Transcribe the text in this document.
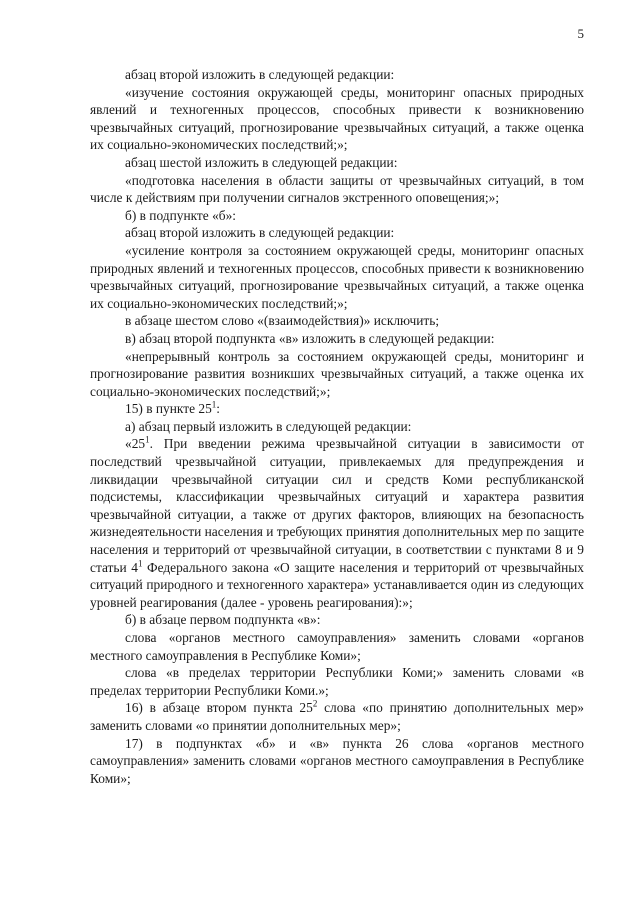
5

абзац второй изложить в следующей редакции:

«изучение состояния окружающей среды, мониторинг опасных природных явлений и техногенных процессов, способных привести к возникновению чрезвычайных ситуаций, прогнозирование чрезвычайных ситуаций, а также оценка их социально-экономических последствий;»;

абзац шестой изложить в следующей редакции:

«подготовка населения в области защиты от чрезвычайных ситуаций, в том числе к действиям при получении сигналов экстренного оповещения;»;

б) в подпункте «б»:

абзац второй изложить в следующей редакции:

«усиление контроля за состоянием окружающей среды, мониторинг опасных природных явлений и техногенных процессов, способных привести к возникновению чрезвычайных ситуаций, прогнозирование чрезвычайных ситуаций, а также оценка их социально-экономических последствий;»;

в абзаце шестом слово «(взаимодействия)» исключить;

в) абзац второй подпункта «в» изложить в следующей редакции:

«непрерывный контроль за состоянием окружающей среды, мониторинг и прогнозирование развития возникших чрезвычайных ситуаций, а также оценка их социально-экономических последствий;»;

15) в пункте $25^1$:

а) абзац первый изложить в следующей редакции:

«$25^1$. При введении режима чрезвычайной ситуации в зависимости от последствий чрезвычайной ситуации, привлекаемых для предупреждения и ликвидации чрезвычайной ситуации сил и средств Коми республиканской подсистемы, классификации чрезвычайных ситуаций и характера развития чрезвычайной ситуации, а также от других факторов, влияющих на безопасность жизнедеятельности населения и требующих принятия дополнительных мер по защите населения и территорий от чрезвычайной ситуации, в соответствии с пунктами 8 и 9 статьи $4^1$ Федерального закона «О защите населения и территорий от чрезвычайных ситуаций природного и техногенного характера» устанавливается один из следующих уровней реагирования (далее - уровень реагирования):»;

б) в абзаце первом подпункта «в»:

слова «органов местного самоуправления» заменить словами «органов местного самоуправления в Республике Коми»;

слова «в пределах территории Республики Коми;» заменить словами «в пределах территории Республики Коми.»;

16) в абзаце втором пункта $25^2$ слова «по принятию дополнительных мер» заменить словами «о принятии дополнительных мер»;

17) в подпунктах «б» и «в» пункта 26 слова «органов местного самоуправления» заменить словами «органов местного самоуправления в Республике Коми»;
